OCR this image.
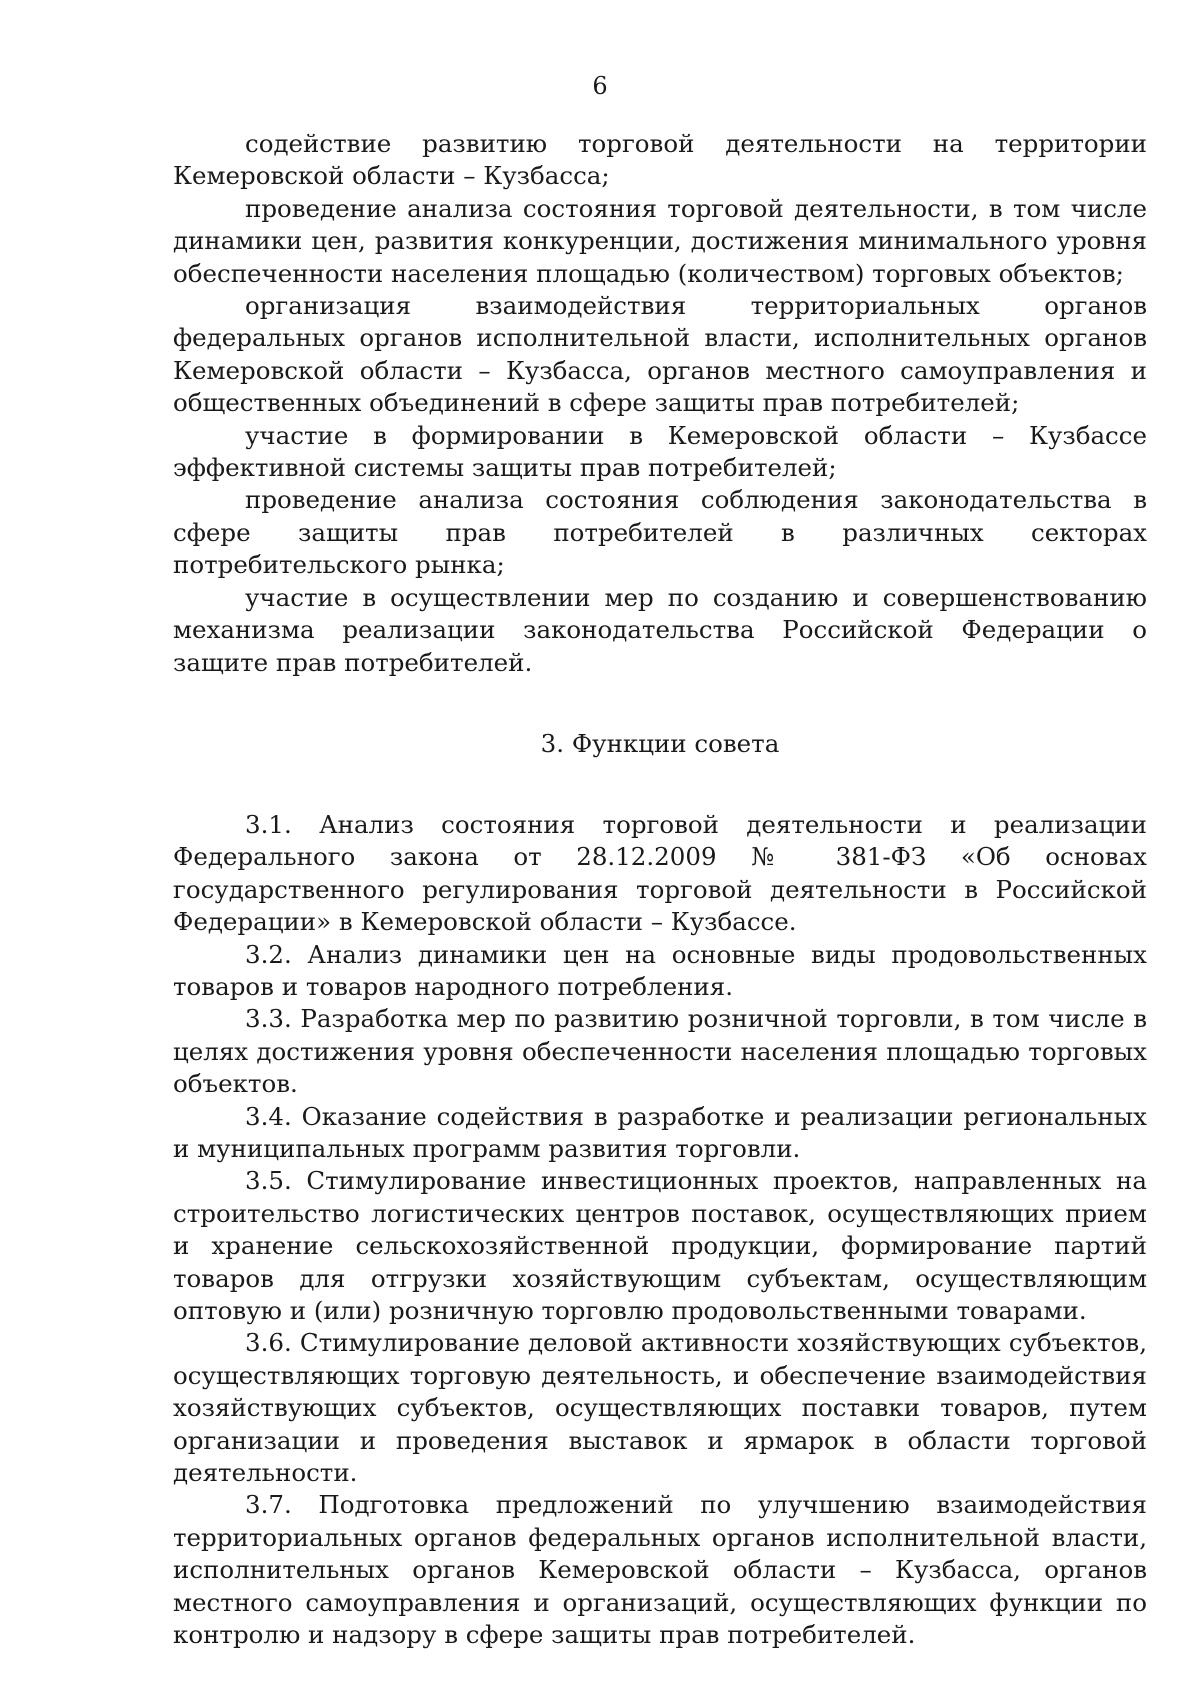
6

содействие развитию торговой деятельности на территории Кемеровской области – Кузбасса;

проведение анализа состояния торговой деятельности, в том числе динамики цен, развития конкуренции, достижения минимального уровня обеспеченности населения площадью (количеством) торговых объектов;

организация взаимодействия территориальных органов федеральных органов исполнительной власти, исполнительных органов Кемеровской области – Кузбасса, органов местного самоуправления и общественных объединений в сфере защиты прав потребителей;

участие в формировании в Кемеровской области – Кузбассе эффективной системы защиты прав потребителей;

проведение анализа состояния соблюдения законодательства в сфере защиты прав потребителей в различных секторах потребительского рынка;

участие в осуществлении мер по созданию и совершенствованию механизма реализации законодательства Российской Федерации о защите прав потребителей.

3. Функции совета

3.1. Анализ состояния торговой деятельности и реализации Федерального закона от 28.12.2009 № 381-ФЗ «Об основах государственного регулирования торговой деятельности в Российской Федерации» в Кемеровской области – Кузбассе.

3.2. Анализ динамики цен на основные виды продовольственных товаров и товаров народного потребления.

3.3. Разработка мер по развитию розничной торговли, в том числе в целях достижения уровня обеспеченности населения площадью торговых объектов.

3.4. Оказание содействия в разработке и реализации региональных и муниципальных программ развития торговли.

3.5. Стимулирование инвестиционных проектов, направленных на строительство логистических центров поставок, осуществляющих прием и хранение сельскохозяйственной продукции, формирование партий товаров для отгрузки хозяйствующим субъектам, осуществляющим оптовую и (или) розничную торговлю продовольственными товарами.

3.6. Стимулирование деловой активности хозяйствующих субъектов, осуществляющих торговую деятельность, и обеспечение взаимодействия хозяйствующих субъектов, осуществляющих поставки товаров, путем организации и проведения выставок и ярмарок в области торговой деятельности.

3.7. Подготовка предложений по улучшению взаимодействия территориальных органов федеральных органов исполнительной власти, исполнительных органов Кемеровской области – Кузбасса, органов местного самоуправления и организаций, осуществляющих функции по контролю и надзору в сфере защиты прав потребителей.
